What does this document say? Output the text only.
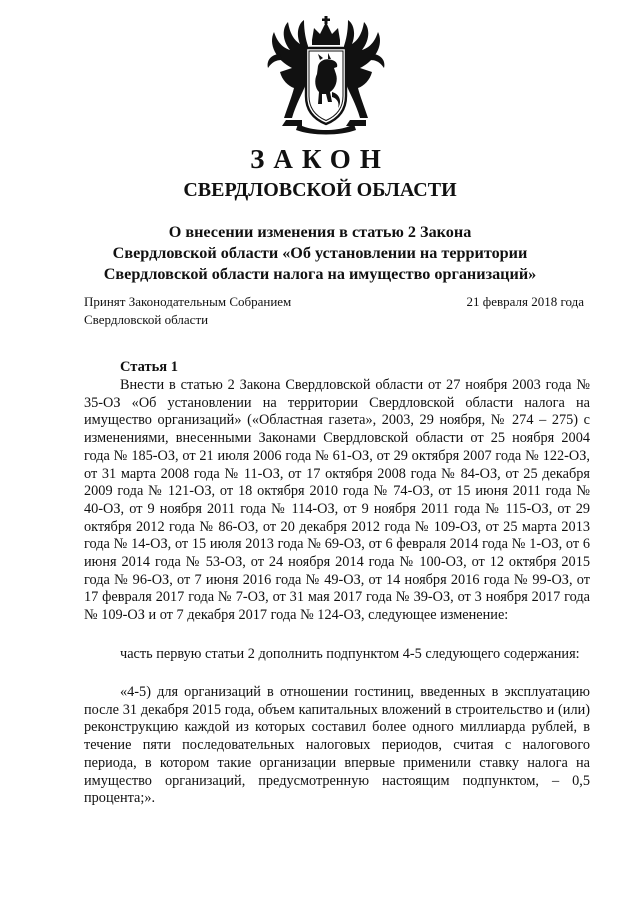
ЗАКОН
СВЕРДЛОВСКОЙ ОБЛАСТИ
О внесении изменения в статью 2 Закона
Свердловской области «Об установлении на территории
Свердловской области налога на имущество организаций»
Принят Законодательным Собранием
Свердловской области
21 февраля 2018 года
Статья 1

Внести в статью 2 Закона Свердловской области от 27 ноября 2003 года № 35-ОЗ «Об установлении на территории Свердловской области налога на имущество организаций» («Областная газета», 2003, 29 ноября, № 274 – 275) с изменениями, внесенными Законами Свердловской области от 25 ноября 2004 года № 185-ОЗ, от 21 июля 2006 года № 61-ОЗ, от 29 октября 2007 года № 122-ОЗ, от 31 марта 2008 года № 11-ОЗ, от 17 октября 2008 года № 84-ОЗ, от 25 декабря 2009 года № 121-ОЗ, от 18 октября 2010 года № 74-ОЗ, от 15 июня 2011 года № 40-ОЗ, от 9 ноября 2011 года № 114-ОЗ, от 9 ноября 2011 года № 115-ОЗ, от 29 октября 2012 года № 86-ОЗ, от 20 декабря 2012 года № 109-ОЗ, от 25 марта 2013 года № 14-ОЗ, от 15 июля 2013 года № 69-ОЗ, от 6 февраля 2014 года № 1-ОЗ, от 6 июня 2014 года № 53-ОЗ, от 24 ноября 2014 года № 100-ОЗ, от 12 октября 2015 года № 96-ОЗ, от 7 июня 2016 года № 49-ОЗ, от 14 ноября 2016 года № 99-ОЗ, от 17 февраля 2017 года № 7-ОЗ, от 31 мая 2017 года № 39-ОЗ, от 3 ноября 2017 года № 109-ОЗ и от 7 декабря 2017 года № 124-ОЗ, следующее изменение:

часть первую статьи 2 дополнить подпунктом 4-5 следующего содержания:

«4-5) для организаций в отношении гостиниц, введенных в эксплуатацию после 31 декабря 2015 года, объем капитальных вложений в строительство и (или) реконструкцию каждой из которых составил более одного миллиарда рублей, в течение пяти последовательных налоговых периодов, считая с налогового периода, в котором такие организации впервые применили ставку налога на имущество организаций, предусмотренную настоящим подпунктом, – 0,5 процента;».
